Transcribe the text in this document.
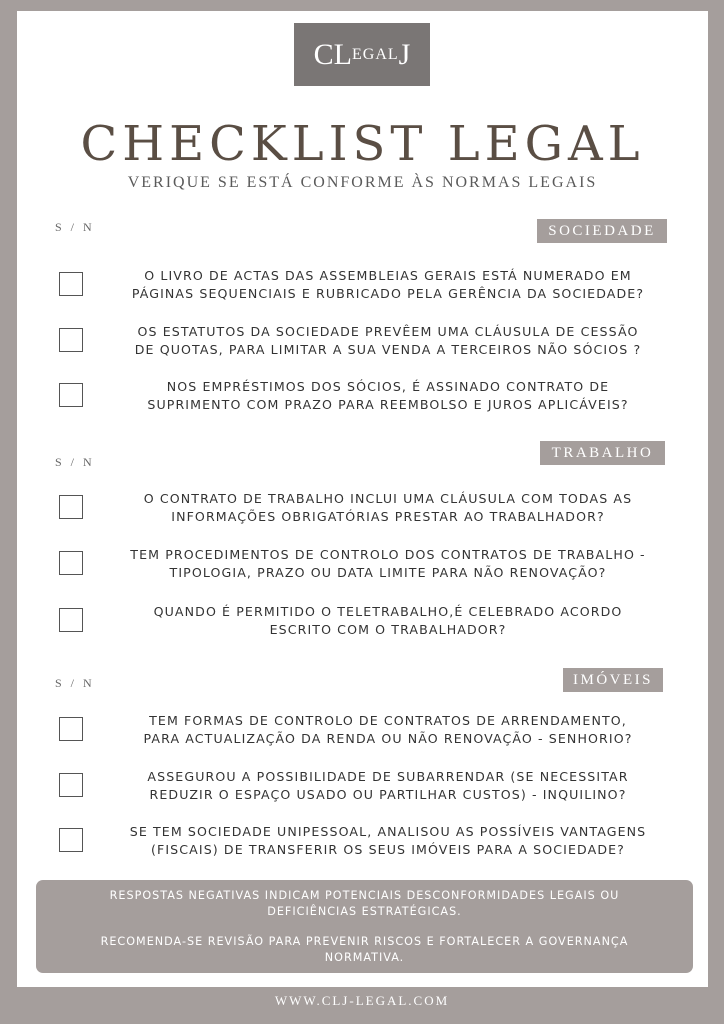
CL EGAL J
CHECKLIST LEGAL
VERIQUE SE ESTÁ CONFORME ÀS NORMAS LEGAIS
S / N	SOCIEDADE
O LIVRO DE ACTAS DAS ASSEMBLEIAS GERAIS ESTÁ NUMERADO EM
PÁGINAS SEQUENCIAIS E RUBRICADO PELA GERÊNCIA DA SOCIEDADE?
OS ESTATUTOS DA SOCIEDADE PREVÊEM UMA CLÁUSULA DE CESSÃO
DE QUOTAS, PARA LIMITAR A SUA VENDA A TERCEIROS NÃO SÓCIOS ?
NOS EMPRÉSTIMOS DOS SÓCIOS, É ASSINADO CONTRATO DE
SUPRIMENTO COM PRAZO PARA REEMBOLSO E JUROS APLICÁVEIS?
S / N
TRABALHO
O CONTRATO DE TRABALHO INCLUI UMA CLÁUSULA COM TODAS AS
INFORMAÇÕES OBRIGATÓRIAS PRESTAR AO TRABALHADOR?
TEM PROCEDIMENTOS DE CONTROLO DOS CONTRATOS DE TRABALHO -
TIPOLOGIA, PRAZO OU DATA LIMITE PARA NÃO RENOVAÇÃO?
QUANDO É PERMITIDO O TELETRABALHO,É CELEBRADO ACORDO
ESCRITO COM O TRABALHADOR?
S / N	IMÓVEIS
TEM FORMAS DE CONTROLO DE CONTRATOS DE ARRENDAMENTO,
PARA ACTUALIZAÇÃO DA RENDA OU NÃO RENOVAÇÃO - SENHORIO?
ASSEGUROU A POSSIBILIDADE DE SUBARRENDAR (SE NECESSITAR
REDUZIR O ESPAÇO USADO OU PARTILHAR CUSTOS) - INQUILINO?
SE TEM SOCIEDADE UNIPESSOAL, ANALISOU AS POSSÍVEIS VANTAGENS
(FISCAIS) DE TRANSFERIR OS SEUS IMÓVEIS PARA A SOCIEDADE?

RESPOSTAS NEGATIVAS INDICAM POTENCIAIS DESCONFORMIDADES LEGAIS OU
DEFICIÊNCIAS ESTRATÉGICAS.

RECOMENDA-SE REVISÃO PARA PREVENIR RISCOS E FORTALECER A GOVERNANÇA
NORMATIVA.

WWW.CLJ-LEGAL.COM
